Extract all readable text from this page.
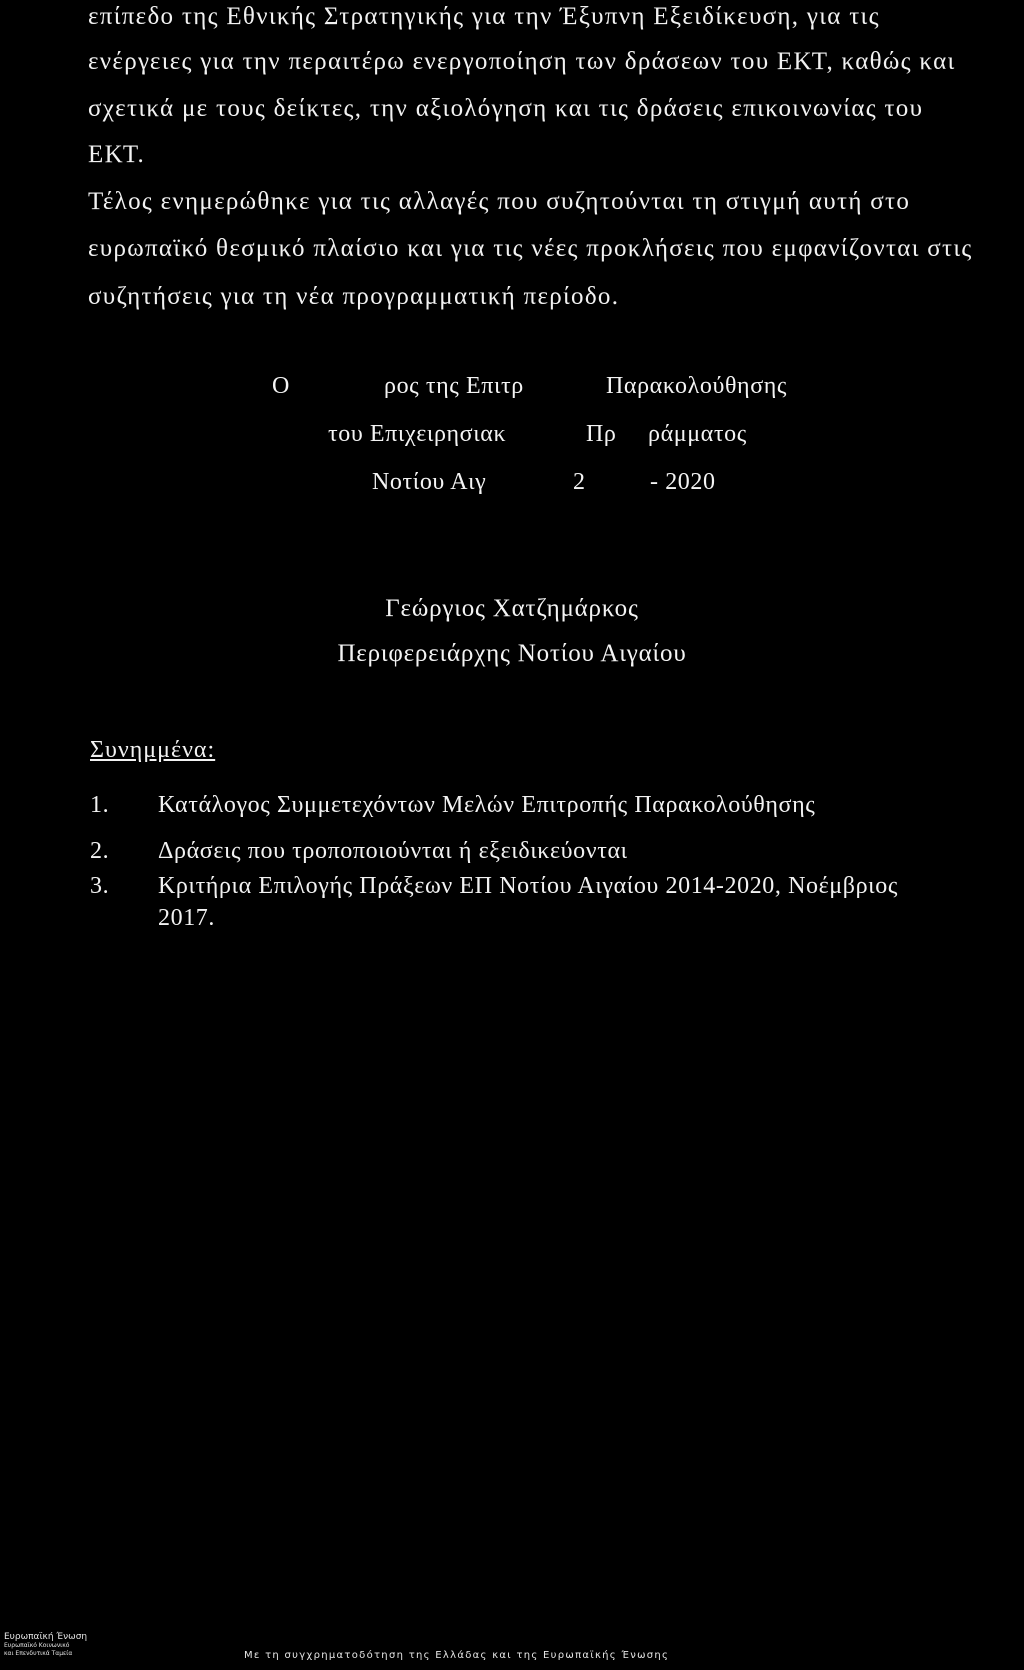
επίπεδο της Εθνικής Στρατηγικής για την Έξυπνη Εξειδίκευση, για τις
ενέργειες για την περαιτέρω ενεργοποίηση των δράσεων του ΕΚΤ, καθώς και
σχετικά με τους δείκτες, την αξιολόγηση και τις δράσεις επικοινωνίας του
ΕΚΤ.
Τέλος ενημερώθηκε για τις αλλαγές που συζητούνται τη στιγμή αυτή στο
ευρωπαϊκό θεσμικό πλαίσιο και για τις νέες προκλήσεις που εμφανίζονται στις
συζητήσεις για τη νέα προγραμματική περίοδο.
Ο	ρος της Επιτρ	Παρακολούθησης
του Επιχειρησιακ	Πρ ράμματος
Νοτίου Αιγ	2	- 2020
Γεώργιος Χατζημάρκος
Περιφερειάρχης Νοτίου Αιγαίου
Συνημμένα:
1. Κατάλογος Συμμετεχόντων Μελών Επιτροπής Παρακολούθησης
2. Δράσεις που τροποποιούνται ή εξειδικεύονται
3. Κριτήρια Επιλογής Πράξεων ΕΠ Νοτίου Αιγαίου 2014-2020, Νοέμβριος
2017.
Ευρωπαϊκή Ένωση
Ευρωπαϊκό Κοινωνικό
και Επενδυτικά Ταμεία	Με τη συγχρηματοδότηση της Ελλάδας και της Ευρωπαϊκής Ένωσης
